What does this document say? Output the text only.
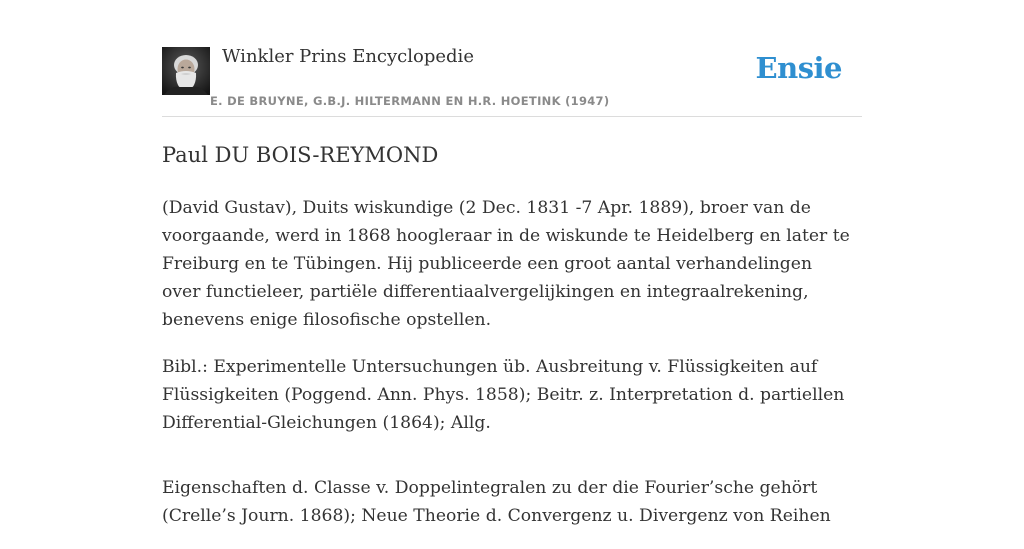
Winkler Prins Encyclopedie
E. DE BRUYNE, G.B.J. HILTERMANN EN H.R. HOETINK (1947)
Ensie
Paul DU BOIS-REYMOND

(David Gustav), Duits wiskundige (2 Dec. 1831 -7 Apr. 1889), broer van de voorgaande, werd in 1868 hoogleraar in de wiskunde te Heidelberg en later te Freiburg en te Tübingen. Hij publiceerde een groot aantal verhandelingen over functieleer, partiële differentiaalvergelijkingen en integraalrekening, benevens enige filosofische opstellen.

Bibl.: Experimentelle Untersuchungen üb. Ausbreitung v. Flüssigkeiten auf Flüssigkeiten (Poggend. Ann. Phys. 1858); Beitr. z. Interpretation d. partiellen Differential-Gleichungen (1864); Allg.

Eigenschaften d. Classe v. Doppelintegralen zu der die Fourier’sche gehört (Crelle’s Journ. 1868); Neue Theorie d. Convergenz u. Divergenz von Reihen
